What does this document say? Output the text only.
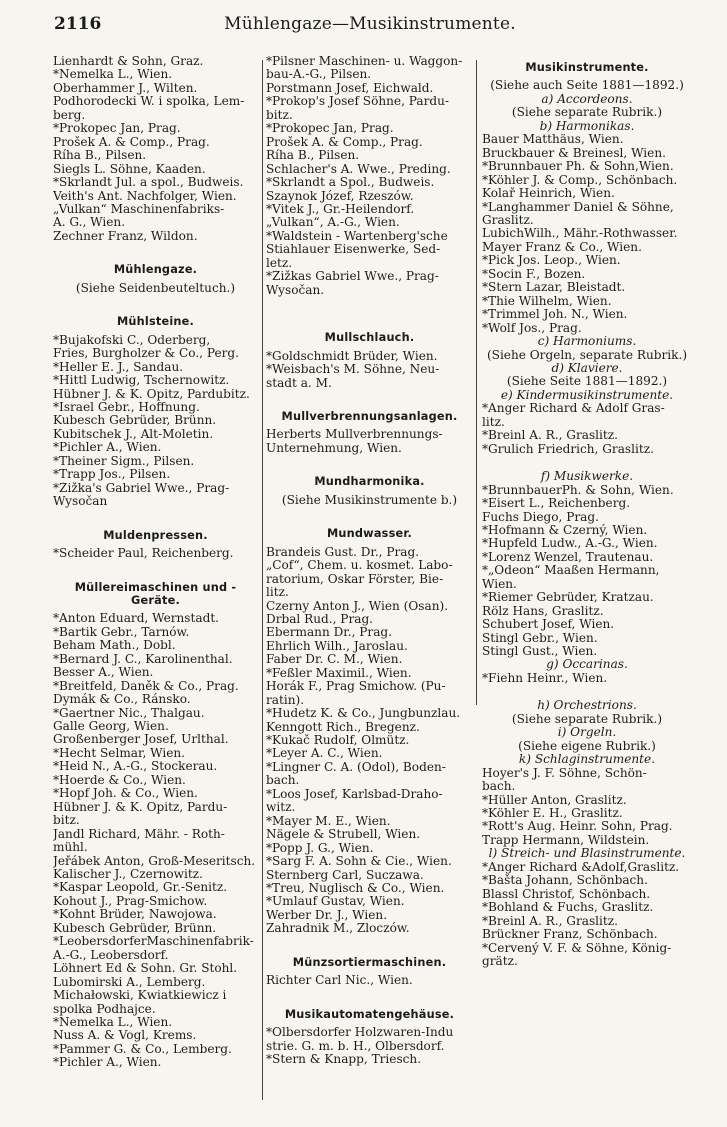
2116	Mühlengaze—Musikinstrumente.
Lienhardt & Sohn, Graz.
*Nemelka L., Wien.
Oberhammer J., Wilten.
Podhorodecki W. i spolka, Lem-
berg.
*Prokopec Jan, Prag.
Prošek A. & Comp., Prag.
Říha B., Pilsen.
Siegls L. Söhne, Kaaden.
*Škrlandt Jul. a spol., Budweis.
Veith's Ant. Nachfolger, Wien.
„Vulkan“ Maschinenfabriks-
A. G., Wien.
Zechner Franz, Wildon.
Mühlengaze.
(Siehe Seidenbeuteltuch.)
Mühlsteine.
*Bujakofski C., Oderberg,
Fries, Burgholzer & Co., Perg.
*Heller E. J., Sandau.
*Hittl Ludwig, Tschernowitz.
Hübner J. & K. Opitz, Pardubitz.
*Israel Gebr., Hoffnung.
Kubesch Gebrüder, Brünn.
Kubitschek J., Alt-Moletin.
*Pichler A., Wien.
*Theiner Sigm., Pilsen.
*Trapp Jos., Pilsen.
*Žižka's Gabriel Wwe., Prag-
Wysočan
Muldenpressen.
*Scheider Paul, Reichenberg.
Müllereimaschinen und -Geräte.
*Anton Eduard, Wernstadt.
*Bartik Gebr., Tarnów.
Beham Math., Dobl.
*Bernard J. C., Karolinenthal.
Besser A., Wien.
*Breitfeld, Daněk & Co., Prag.
Dymák & Co., Ránsko.
*Gaertner Nic., Thalgau.
Galle Georg, Wien.
Großenberger Josef, Urlthal.
*Hecht Selmar, Wien.
*Heid N., A.-G., Stockerau.
*Hoerde & Co., Wien.
*Hopf Joh. & Co., Wien.
Hübner J. & K. Opitz, Pardu-
bitz.
Jandl Richard, Mähr. - Roth-
mühl.
Jeřábek Anton, Groß-Meseritsch.
Kalischer J., Czernowitz.
*Kaspar Leopold, Gr.-Senitz.
Kohout J., Prag-Smichow.
*Kohnt Brüder, Nawojowa.
Kubesch Gebrüder, Brünn.
*LeobersdorferMaschinenfabrik-
A.-G., Leobersdorf.
Löhnert Ed & Sohn. Gr. Stohl.
Lubomirski A., Lemberg.
Michałowski, Kwiatkiewicz i
spolka Podhajce.
*Nemelka L., Wien.
Nuss A. & Vogl, Krems.
*Pammer G. & Co., Lemberg.
*Pichler A., Wien.
*Pilsner Maschinen- u. Waggon-
bau-A.-G., Pilsen.
Porstmann Josef, Eichwald.
*Prokop's Josef Söhne, Pardu-
bitz.
*Prokopec Jan, Prag.
Prošek A. & Comp., Prag.
Říha B., Pilsen.
Schlacher's A. Wwe., Preding.
*Škrlandt a Spol., Budweis.
Szaynok Józef, Rzeszów.
*Vitek J., Gr.-Heilendorf.
„Vulkan“, A.-G., Wien.
*Waldstein - Wartenberg'sche
Stiahlauer Eisenwerke, Sed-
letz.
*Žižkas Gabriel Wwe., Prag-
Wysočan.
Mullschlauch.
*Goldschmidt Brüder, Wien.
*Weisbach's M. Söhne, Neu-
stadt a. M.
Mullverbrennungsanlagen.
Herberts Mullverbrennungs-
Unternehmung, Wien.
Mundharmonika.
(Siehe Musikinstrumente b.)
Mundwasser.
Brandeis Gust. Dr., Prag.
„Cof“, Chem. u. kosmet. Labo-
ratorium, Oskar Förster, Bie-
litz.
Czerny Anton J., Wien (Osan).
Drbal Rud., Prag.
Ebermann Dr., Prag.
Ehrlich Wilh., Jaroslau.
Faber Dr. C. M., Wien.
*Feßler Maximil., Wien.
Horák F., Prag Smichow. (Pu-
ratin).
*Hudetz K. & Co., Jungbunzlau.
Kenngott Rich., Bregenz.
*Kukač Rudolf, Olmütz.
*Leyer A. C., Wien.
*Lingner C. A. (Odol), Boden-
bach.
*Loos Josef, Karlsbad-Draho-
witz.
*Mayer M. E., Wien.
Nägele & Strubell, Wien.
*Popp J. G., Wien.
*Sarg F. A. Sohn & Cie., Wien.
Sternberg Carl, Suczawa.
*Treu, Nuglisch & Co., Wien.
*Umlauf Gustav, Wien.
Werber Dr. J., Wien.
Zahradnik M., Zloczów.
Münzsortiermaschinen.
Richter Carl Nic., Wien.
Musikautomatengehäuse.
*Olbersdorfer Holzwaren-Indu
strie. G. m. b. H., Olbersdorf.
*Stern & Knapp, Triesch.
Musikinstrumente.
(Siehe auch Seite 1881—1892.)
a) Accordeons.
(Siehe separate Rubrik.)
b) Harmonikas.
Bauer Matthäus, Wien.
Bruckbauer & Breinesl, Wien.
*Brunnbauer Ph. & Sohn,Wien.
*Köhler J. & Comp., Schönbach.
Kolař Heinrich, Wien.
*Langhammer Daniel & Söhne,
Graslitz.
LubichWilh., Mähr.-Rothwasser.
Mayer Franz & Co., Wien.
*Pick Jos. Leop., Wien.
*Socin F., Bozen.
*Stern Lazar, Bleistadt.
*Thie Wilhelm, Wien.
*Trimmel Joh. N., Wien.
*Wolf Jos., Prag.
c) Harmoniums.
(Siehe Orgeln, separate Rubrik.)
d) Klaviere.
(Siehe Seite 1881—1892.)
e) Kindermusikinstrumente.
*Anger Richard & Adolf Gras-
litz.
*Breinl A. R., Graslitz.
*Grulich Friedrich, Graslitz.
f) Musikwerke.
*BrunnbauerPh. & Sohn, Wien.
*Eisert L., Reichenberg.
Fuchs Diego, Prag.
*Hofmann & Czerný, Wien.
*Hupfeld Ludw., A.-G., Wien.
*Lorenz Wenzel, Trautenau.
*„Odeon“ Maaßen Hermann,
Wien.
*Riemer Gebrüder, Kratzau.
Rölz Hans, Graslitz.
Schubert Josef, Wien.
Stingl Gebr., Wien.
Stingl Gust., Wien.
g) Occarinas.
*Fiehn Heinr., Wien.
h) Orchestrions.
(Siehe separate Rubrik.)
i) Orgeln.
(Siehe eigene Rubrik.)
k) Schlaginstrumente.
Hoyer's J. F. Söhne, Schön-
bach.
*Hüller Anton, Graslitz.
*Köhler E. H., Graslitz.
*Rott's Aug. Heinr. Sohn, Prag.
Trapp Hermann, Wildstein.
l) Streich- und Blasinstrumente.
*Anger Richard &Adolf,Graslitz.
*Bašta Johann, Schönbach.
Blassl Christof, Schönbach.
*Bohland & Fuchs, Graslitz.
*Breinl A. R., Graslitz.
Brückner Franz, Schönbach.
*Červený V. F. & Söhne, König-
grätz.
